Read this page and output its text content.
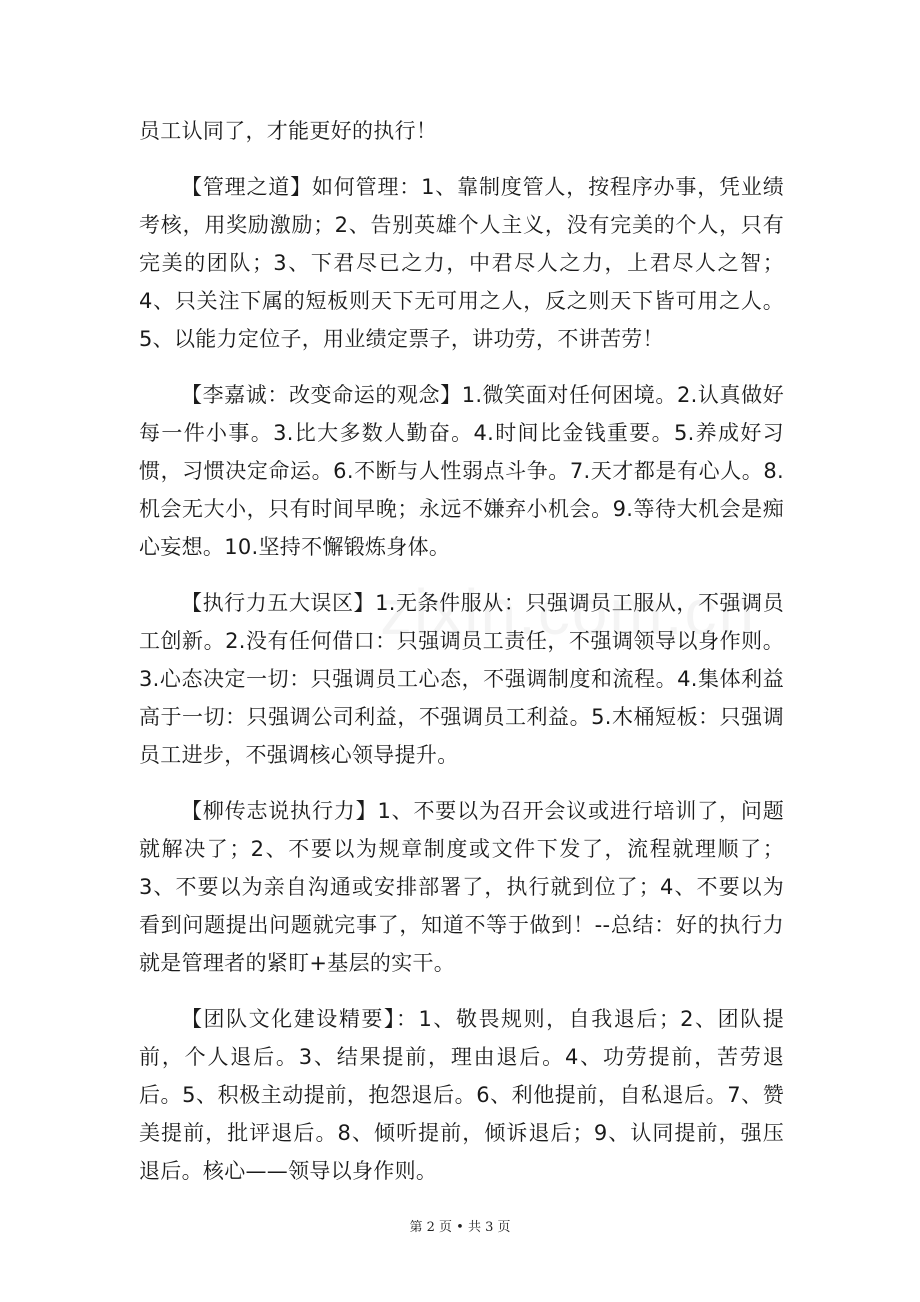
员工认同了，才能更好的执行！

【管理之道】如何管理：1、靠制度管人，按程序办事，凭业绩考核，用奖励激励；2、告别英雄个人主义，没有完美的个人，只有完美的团队；3、下君尽已之力，中君尽人之力，上君尽人之智；4、只关注下属的短板则天下无可用之人，反之则天下皆可用之人。5、以能力定位子，用业绩定票子，讲功劳，不讲苦劳！

【李嘉诚：改变命运的观念】1.微笑面对任何困境。2.认真做好每一件小事。3.比大多数人勤奋。4.时间比金钱重要。5.养成好习惯，习惯决定命运。6.不断与人性弱点斗争。7.天才都是有心人。8.机会无大小，只有时间早晚；永远不嫌弃小机会。9.等待大机会是痴心妄想。10.坚持不懈锻炼身体。

【执行力五大误区】1.无条件服从：只强调员工服从，不强调员工创新。2.没有任何借口：只强调员工责任，不强调领导以身作则。3.心态决定一切：只强调员工心态，不强调制度和流程。4.集体利益高于一切：只强调公司利益，不强调员工利益。5.木桶短板：只强调员工进步，不强调核心领导提升。

【柳传志说执行力】1、不要以为召开会议或进行培训了，问题就解决了；2、不要以为规章制度或文件下发了，流程就理顺了；3、不要以为亲自沟通或安排部署了，执行就到位了；4、不要以为看到问题提出问题就完事了，知道不等于做到！--总结：好的执行力就是管理者的紧盯+基层的实干。

【团队文化建设精要】：1、敬畏规则，自我退后；2、团队提前，个人退后。3、结果提前，理由退后。4、功劳提前，苦劳退后。5、积极主动提前，抱怨退后。6、利他提前，自私退后。7、赞美提前，批评退后。8、倾听提前，倾诉退后；9、认同提前，强压退后。核心——领导以身作则。

第 2 页 • 共 3 页
